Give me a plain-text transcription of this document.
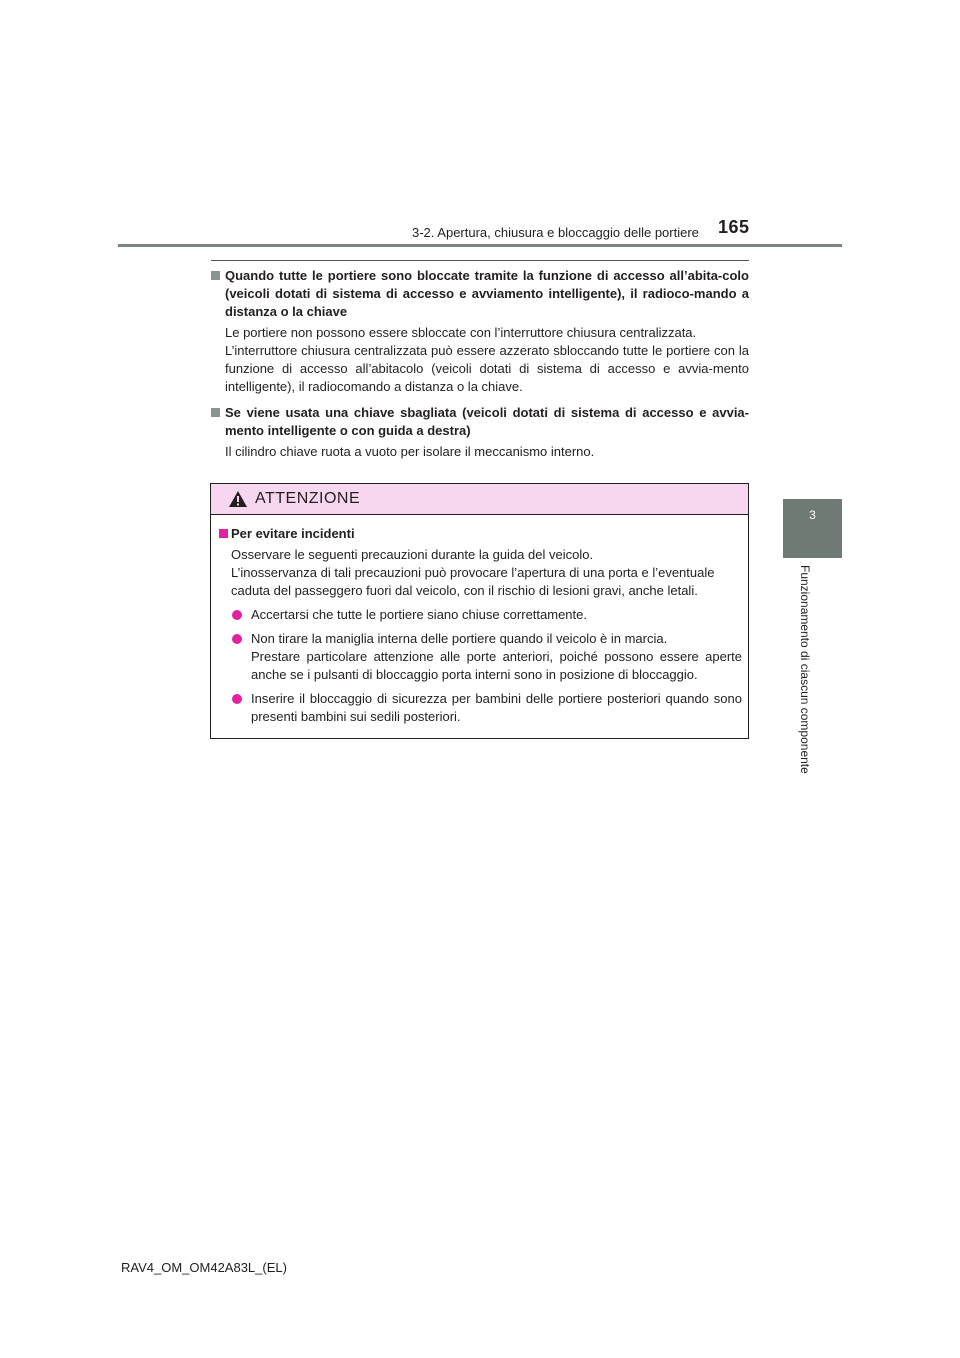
3-2. Apertura, chiusura e bloccaggio delle portiere 165
3
Funzionamento di ciascun componente
Quando tutte le portiere sono bloccate tramite la funzione di accesso all’abita-colo (veicoli dotati di sistema di accesso e avviamento intelligente), il radioco-mando a distanza o la chiave

Le portiere non possono essere sbloccate con l’interruttore chiusura centralizzata.

L’interruttore chiusura centralizzata può essere azzerato sbloccando tutte le portiere con la funzione di accesso all’abitacolo (veicoli dotati di sistema di accesso e avvia-mento intelligente), il radiocomando a distanza o la chiave.

Se viene usata una chiave sbagliata (veicoli dotati di sistema di accesso e avvia-mento intelligente o con guida a destra)

Il cilindro chiave ruota a vuoto per isolare il meccanismo interno.

ATTENZIONE
Per evitare incidenti

Osservare le seguenti precauzioni durante la guida del veicolo.

L’inosservanza di tali precauzioni può provocare l’apertura di una porta e l’eventuale caduta del passeggero fuori dal veicolo, con il rischio di lesioni gravi, anche letali.

Accertarsi che tutte le portiere siano chiuse correttamente.

Non tirare la maniglia interna delle portiere quando il veicolo è in marcia.

Prestare particolare attenzione alle porte anteriori, poiché possono essere aperte anche se i pulsanti di bloccaggio porta interni sono in posizione di bloccaggio.

Inserire il bloccaggio di sicurezza per bambini delle portiere posteriori quando sono presenti bambini sui sedili posteriori.

RAV4_OM_OM42A83L_(EL)
